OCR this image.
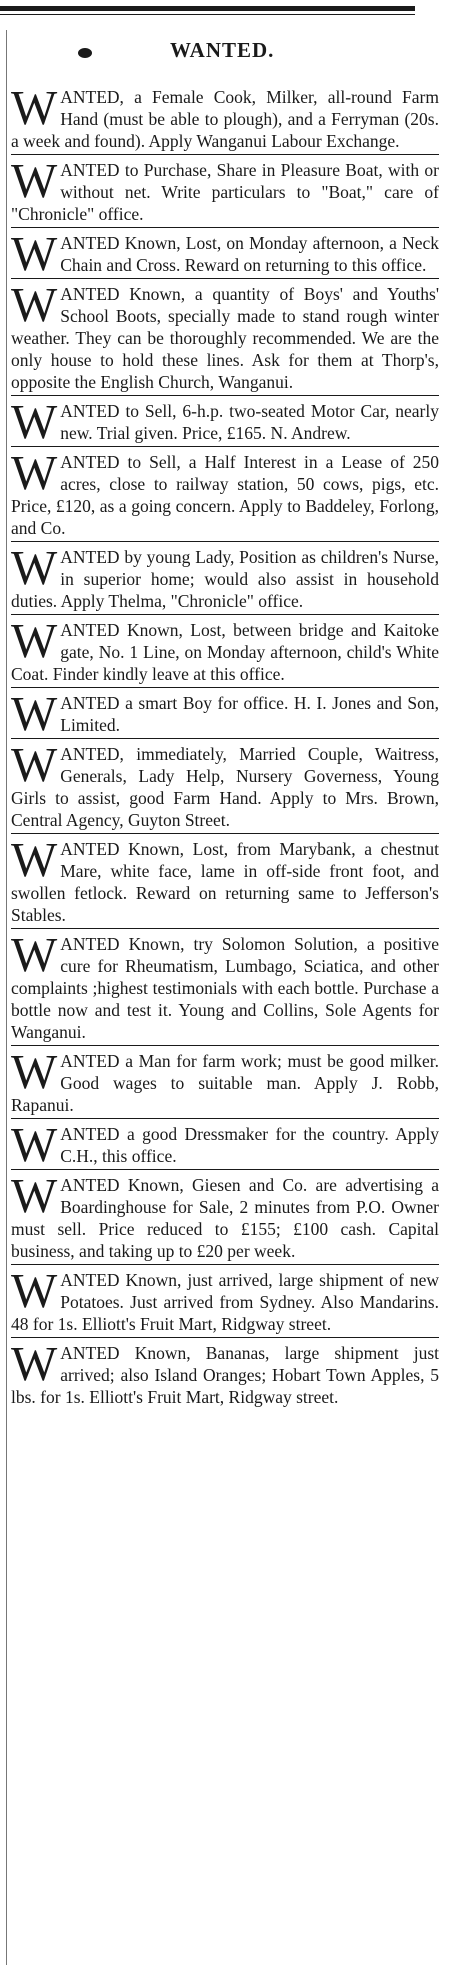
WANTED.
WANTED, a Female Cook, Milker, all-round Farm Hand (must be able to plough), and a Ferryman (20s. a week and found). Apply Wanganui Labour Exchange.
WANTED to Purchase, Share in Pleasure Boat, with or without net. Write particulars to "Boat," care of "Chronicle" office.
WANTED Known, Lost, on Monday afternoon, a Neck Chain and Cross. Reward on returning to this office.
WANTED Known, a quantity of Boys' and Youths' School Boots, specially made to stand rough winter weather. They can be thoroughly recommended. We are the only house to hold these lines. Ask for them at Thorp's, opposite the English Church, Wanganui.
WANTED to Sell, 6-h.p. two-seated Motor Car, nearly new. Trial given. Price, £165. N. Andrew.
WANTED to Sell, a Half Interest in a Lease of 250 acres, close to railway station, 50 cows, pigs, etc. Price, £120, as a going concern. Apply to Baddeley, Forlong, and Co.
WANTED by young Lady, Position as children's Nurse, in superior home; would also assist in household duties. Apply Thelma, "Chronicle" office.
WANTED Known, Lost, between bridge and Kaitoke gate, No. 1 Line, on Monday afternoon, child's White Coat. Finder kindly leave at this office.
WANTED a smart Boy for office. H. I. Jones and Son, Limited.
WANTED, immediately, Married Couple, Waitress, Generals, Lady Help, Nursery Governess, Young Girls to assist, good Farm Hand. Apply to Mrs. Brown, Central Agency, Guyton Street.
WANTED Known, Lost, from Marybank, a chestnut Mare, white face, lame in off-side front foot, and swollen fetlock. Reward on returning same to Jefferson's Stables.
WANTED Known, try Solomon Solution, a positive cure for Rheumatism, Lumbago, Sciatica, and other complaints ;highest testimonials with each bottle. Purchase a bottle now and test it. Young and Collins, Sole Agents for Wanganui.
WANTED a Man for farm work; must be good milker. Good wages to suitable man. Apply J. Robb, Rapanui.
WANTED a good Dressmaker for the country. Apply C.H., this office.
WANTED Known, Giesen and Co. are advertising a Boardinghouse for Sale, 2 minutes from P.O. Owner must sell. Price reduced to £155; £100 cash. Capital business, and taking up to £20 per week.
WANTED Known, just arrived, large shipment of new Potatoes. Just arrived from Sydney. Also Mandarins. 48 for 1s. Elliott's Fruit Mart, Ridgway street.
WANTED Known, Bananas, large shipment just arrived; also Island Oranges; Hobart Town Apples, 5 lbs. for 1s. Elliott's Fruit Mart, Ridgway street.
